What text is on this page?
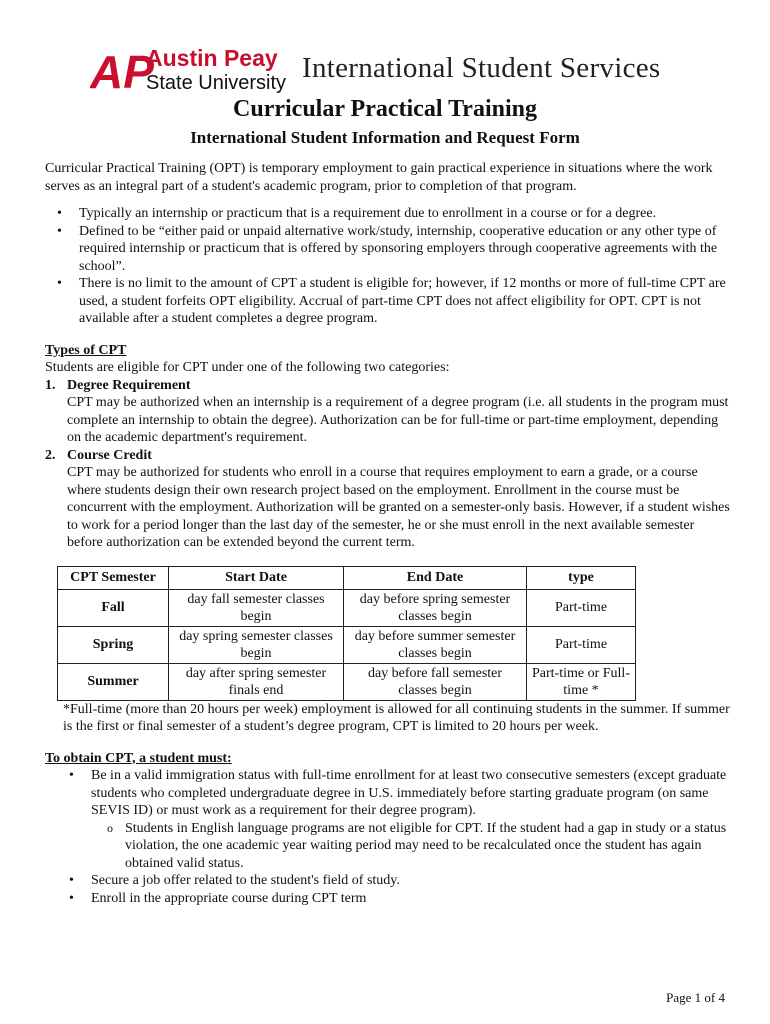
AP
Austin Peay
State University International Student Services
Curricular Practical Training
International Student Information and Request Form

Curricular Practical Training (OPT) is temporary employment to gain practical experience in situations where the work serves as an integral part of a student's academic program, prior to completion of that program.

• Typically an internship or practicum that is a requirement due to enrollment in a course or for a degree.
• Defined to be “either paid or unpaid alternative work/study, internship, cooperative education or any other type of required internship or practicum that is offered by sponsoring employers through cooperative agreements with the school”.
• There is no limit to the amount of CPT a student is eligible for; however, if 12 months or more of full-time CPT are used, a student forfeits OPT eligibility. Accrual of part-time CPT does not affect eligibility for OPT. CPT is not available after a student completes a degree program.

Types of CPT

Students are eligible for CPT under one of the following two categories:

1. Degree Requirement
CPT may be authorized when an internship is a requirement of a degree program (i.e. all students in the program must complete an internship to obtain the degree). Authorization can be for full-time or part-time employment, depending on the academic department's requirement.
2. Course Credit
CPT may be authorized for students who enroll in a course that requires employment to earn a grade, or a course where students design their own research project based on the employment. Enrollment in the course must be concurrent with the employment. Authorization will be granted on a semester-only basis. However, if a student wishes to work for a period longer than the last day of the semester, he or she must enroll in the next available semester before authorization can be extended beyond the current term.
CPT Semester	Start Date	End Date	type
Fall	day fall semester classes begin	day before spring semester classes begin	Part-time
Spring	day spring semester classes begin	day before summer semester classes begin	Part-time
Summer	day after spring semester finals end	day before fall semester classes begin	Part-time or Full-time *

*Full-time (more than 20 hours per week) employment is allowed for all continuing students in the summer. If summer is the first or final semester of a student’s degree program, CPT is limited to 20 hours per week.

To obtain CPT, a student must:

• Be in a valid immigration status with full-time enrollment for at least two consecutive semesters (except graduate students who completed undergraduate degree in U.S. immediately before starting graduate program (on same SEVIS ID) or must work as a requirement for their degree program).
o Students in English language programs are not eligible for CPT. If the student had a gap in study or a status violation, the one academic year waiting period may need to be recalculated once the student has again obtained valid status.
• Secure a job offer related to the student's field of study.
• Enroll in the appropriate course during CPT term
Page 1 of 4
